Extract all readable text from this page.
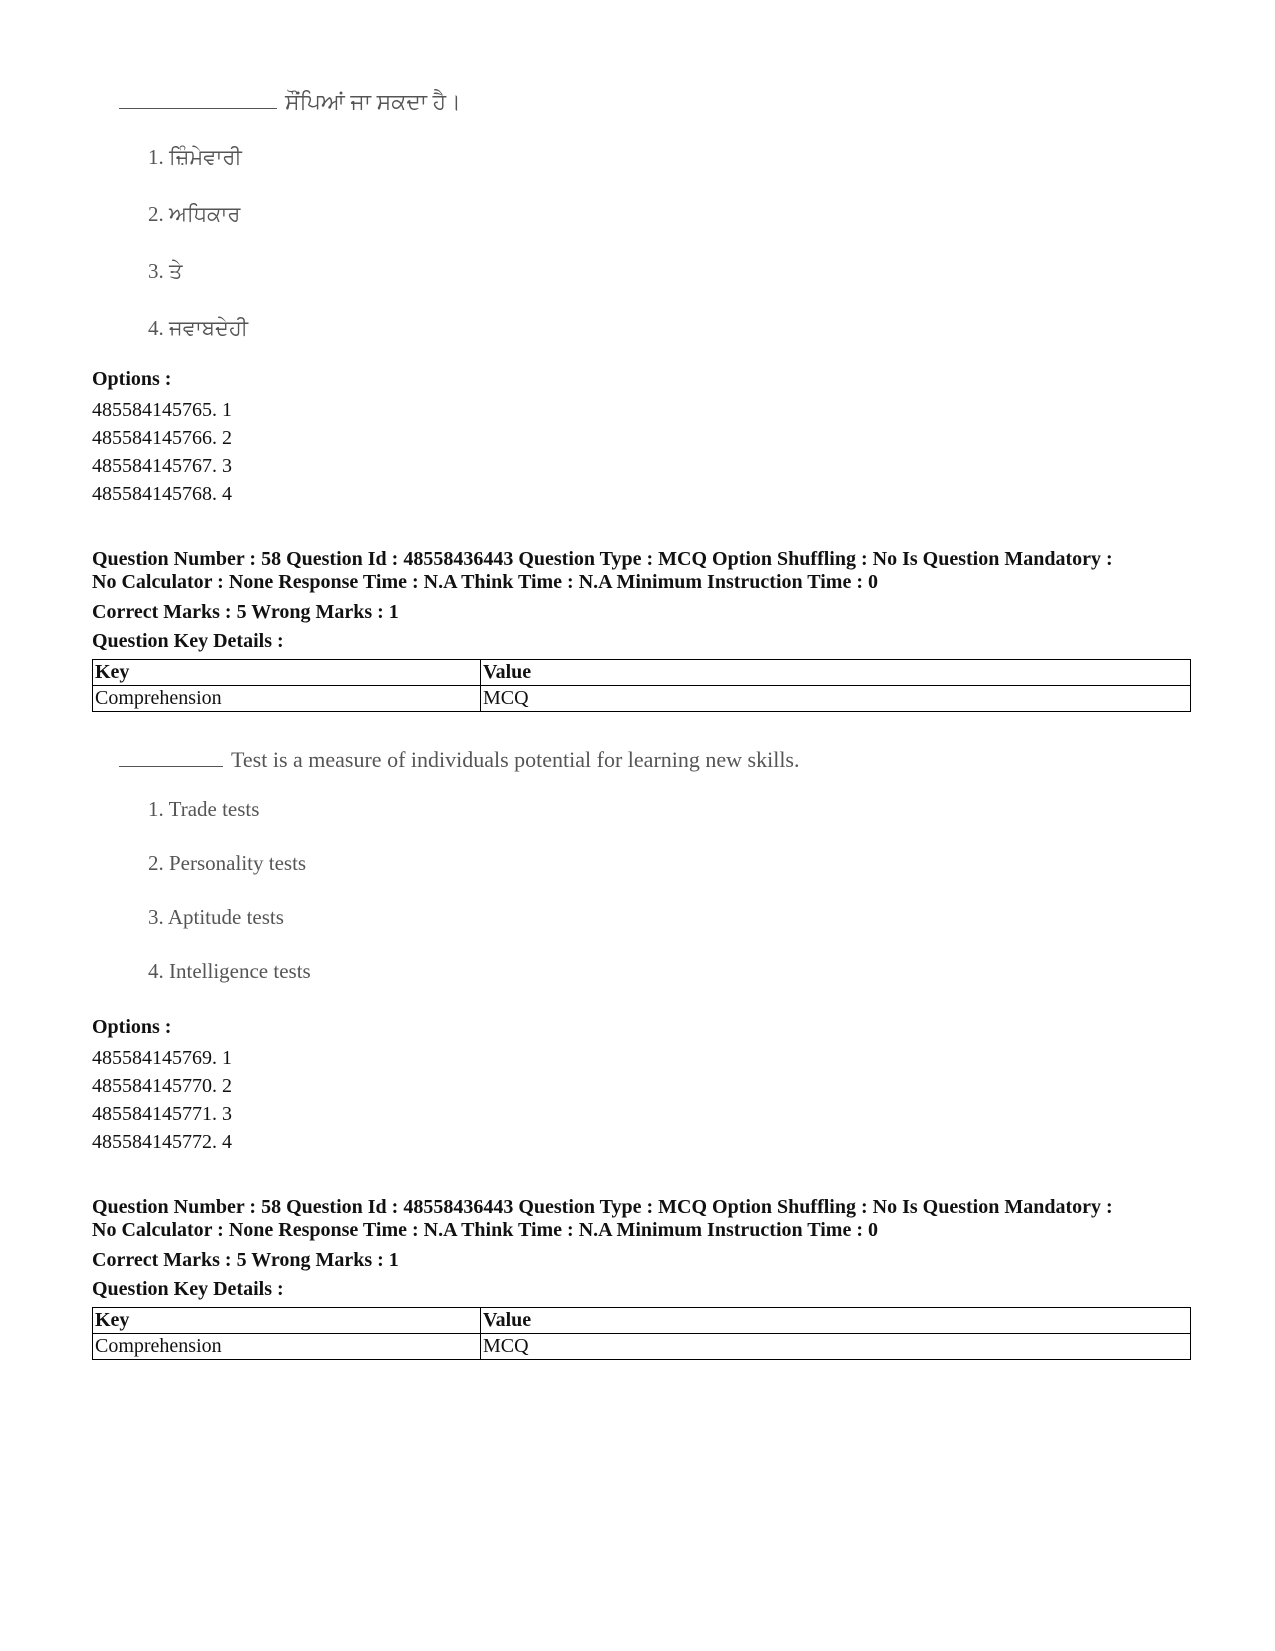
ਸੌਂਪਿਆਂ ਜਾ ਸਕਦਾ ਹੈ।
1. ਜ਼ਿੰਮੇਵਾਰੀ
2. ਅਧਿਕਾਰ
3. ਤੇ
4. ਜਵਾਬਦੇਹੀ
Options :
485584145765. 1
485584145766. 2
485584145767. 3
485584145768. 4
Question Number : 58 Question Id : 48558436443 Question Type : MCQ Option Shuffling : No Is Question Mandatory :
No Calculator : None Response Time : N.A Think Time : N.A Minimum Instruction Time : 0
Correct Marks : 5 Wrong Marks : 1
Question Key Details :
Key	Value
Comprehension	MCQ
Test is a measure of individuals potential for learning new skills.
1. Trade tests
2. Personality tests
3. Aptitude tests
4. Intelligence tests
Options :
485584145769. 1
485584145770. 2
485584145771. 3
485584145772. 4
Question Number : 58 Question Id : 48558436443 Question Type : MCQ Option Shuffling : No Is Question Mandatory :
No Calculator : None Response Time : N.A Think Time : N.A Minimum Instruction Time : 0
Correct Marks : 5 Wrong Marks : 1
Question Key Details :
Key	Value
Comprehension	MCQ
